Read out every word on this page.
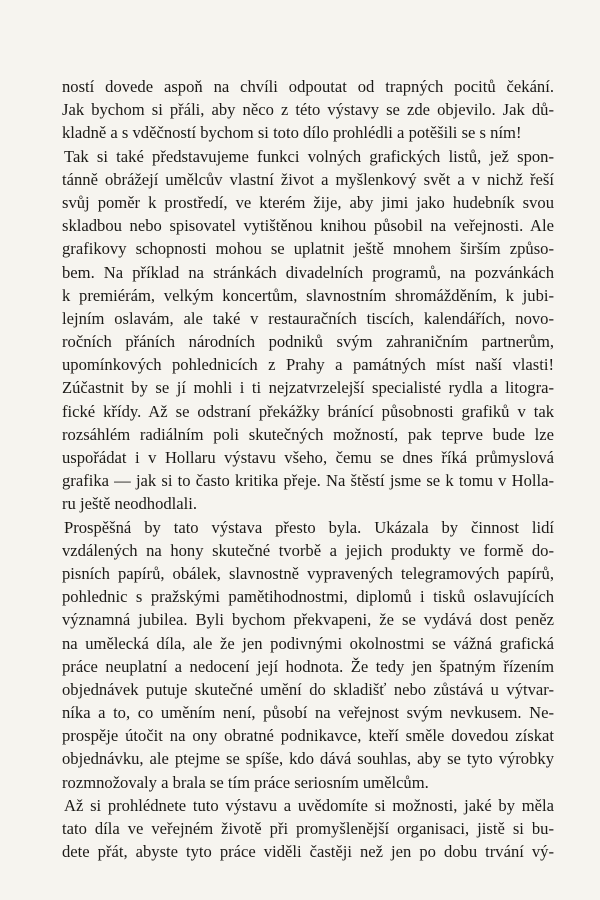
ností dovede aspoň na chvíli odpoutat od trapných pocitů čekání.
Jak bychom si přáli, aby něco z této výstavy se zde objevilo. Jak dů-
kladně a s vděčností bychom si toto dílo prohlédli a potěšili se s ním!
Tak si také představujeme funkci volných grafických listů, jež spon-
tánně obrážejí umělcův vlastní život a myšlenkový svět a v nichž řeší
svůj poměr k prostředí, ve kterém žije, aby jimi jako hudebník svou
skladbou nebo spisovatel vytištěnou knihou působil na veřejnosti. Ale
grafikovy schopnosti mohou se uplatnit ještě mnohem širším způso-
bem. Na příklad na stránkách divadelních programů, na pozvánkách
k premiérám, velkým koncertům, slavnostním shromážděním, k jubi-
lejním oslavám, ale také v restauračních tiscích, kalendářích, novo-
ročních přáních národních podniků svým zahraničním partnerům,
upomínkových pohlednicích z Prahy a památných míst naší vlasti!
Zúčastnit by se jí mohli i ti nejzatvrzelejší specialisté rydla a litogra-
fické křídy. Až se odstraní překážky bránící působnosti grafiků v tak
rozsáhlém radiálním poli skutečných možností, pak teprve bude lze
uspořádat i v Hollaru výstavu všeho, čemu se dnes říká průmyslová
grafika — jak si to často kritika přeje. Na štěstí jsme se k tomu v Holla-
ru ještě neodhodlali.
Prospěšná by tato výstava přesto byla. Ukázala by činnost lidí
vzdálených na hony skutečné tvorbě a jejich produkty ve formě do-
pisních papírů, obálek, slavnostně vypravených telegramových papírů,
pohlednic s pražskými pamětihodnostmi, diplomů i tisků oslavujících
významná jubilea. Byli bychom překvapeni, že se vydává dost peněz
na umělecká díla, ale že jen podivnými okolnostmi se vážná grafická
práce neuplatní a nedocení její hodnota. Že tedy jen špatným řízením
objednávek putuje skutečné umění do skladišť nebo zůstává u výtvar-
níka a to, co uměním není, působí na veřejnost svým nevkusem. Ne-
prospěje útočit na ony obratné podnikavce, kteří směle dovedou získat
objednávku, ale ptejme se spíše, kdo dává souhlas, aby se tyto výrobky
rozmnožovaly a brala se tím práce seriosním umělcům.
Až si prohlédnete tuto výstavu a uvědomíte si možnosti, jaké by měla
tato díla ve veřejném životě při promyšlenější organisaci, jistě si bu-
dete přát, abyste tyto práce viděli častěji než jen po dobu trvání vý-
